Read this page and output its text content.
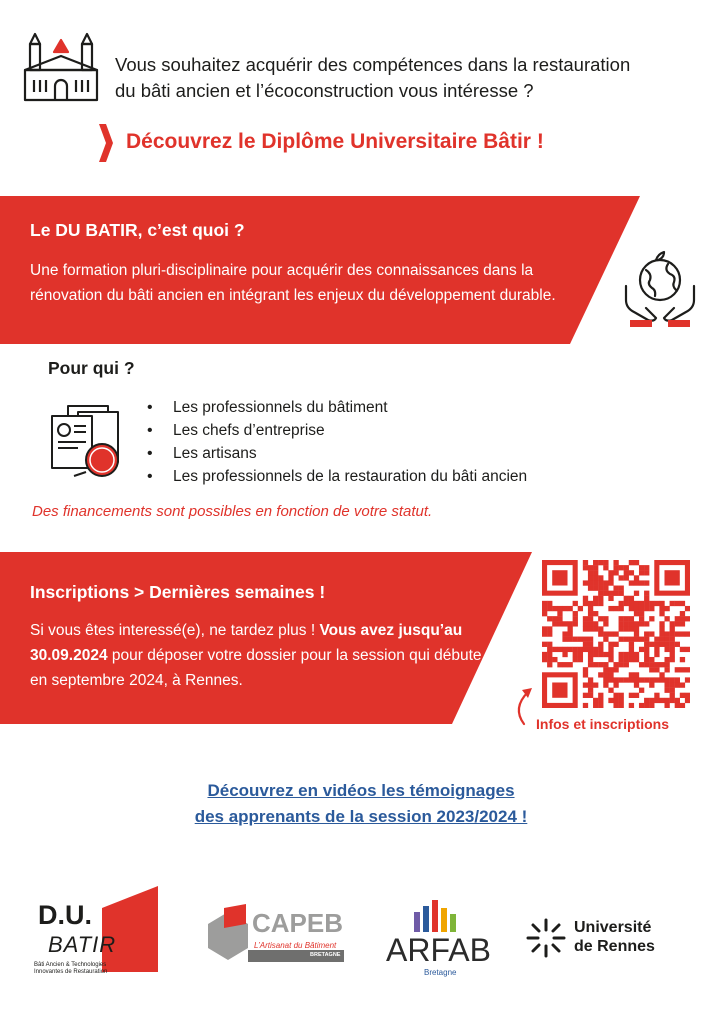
Vous souhaitez acquérir des compétences dans la restauration
du bâti ancien et l’écoconstruction vous intéresse ?
Découvrez le Diplôme Universitaire Bâtir !
Le DU BATIR, c’est quoi ?
Une formation pluri-disciplinaire pour acquérir des connaissances dans la rénovation du bâti ancien en intégrant les enjeux du développement durable.
Pour qui ?
• Les professionnels du bâtiment
• Les chefs d’entreprise
• Les artisans
• Les professionnels de la restauration du bâti ancien
Des financements sont possibles en fonction de votre statut.
Inscriptions > Dernières semaines !
Si vous êtes interessé(e), ne tardez plus ! Vous avez jusqu’au 30.09.2024 pour déposer votre dossier pour la session qui débute en septembre 2024, à Rennes.
Infos et inscriptions
Découvrez en vidéos les témoignages
des apprenants de la session 2023/2024 !
D.U.
BATIR
Bâti Ancien & Technologies
Innovantes de Restauration
CAPEB
L’Artisanat du Bâtiment
BRETAGNE ARFAB
Bretagne
Université
de Rennes
